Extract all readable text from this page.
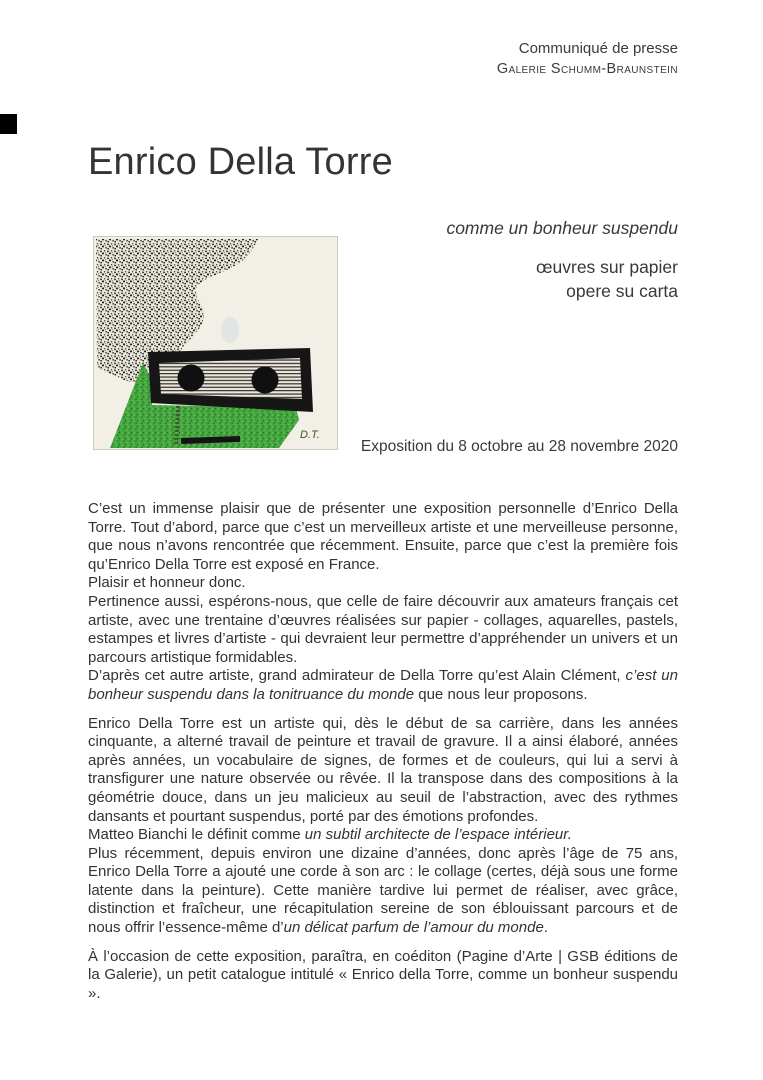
Communiqué de presse
Galerie Schumm-Braunstein
Enrico Della Torre
D.T.
comme un bonheur suspendu
œuvres sur papier
opere su carta
Exposition du 8 octobre au 28 novembre 2020

C’est un immense plaisir que de présenter une exposition personnelle d’Enrico Della Torre. Tout d’abord, parce que c’est un merveilleux artiste et une merveilleuse personne, que nous n’avons rencontrée que récemment. Ensuite, parce que c’est la première fois qu’Enrico Della Torre est exposé en France.

Plaisir et honneur donc.

Pertinence aussi, espérons-nous, que celle de faire découvrir aux amateurs français cet artiste, avec une trentaine d’œuvres réalisées sur papier - collages, aquarelles, pastels, estampes et livres d’artiste - qui devraient leur permettre d’appréhender un univers et un parcours artistique formidables.

D’après cet autre artiste, grand admirateur de Della Torre qu’est Alain Clément, c’est un bonheur suspendu dans la tonitruance du monde que nous leur proposons.

Enrico Della Torre est un artiste qui, dès le début de sa carrière, dans les années cinquante, a alterné travail de peinture et travail de gravure. Il a ainsi élaboré, années après années, un vocabulaire de signes, de formes et de couleurs, qui lui a servi à transfigurer une nature observée ou rêvée. Il la transpose dans des compositions à la géométrie douce, dans un jeu malicieux au seuil de l’abstraction, avec des rythmes dansants et pourtant suspendus, porté par des émotions profondes.

Matteo Bianchi le définit comme un subtil architecte de l’espace intérieur.

Plus récemment, depuis environ une dizaine d’années, donc après l’âge de 75 ans, Enrico Della Torre a ajouté une corde à son arc : le collage (certes, déjà sous une forme latente dans la peinture). Cette manière tardive lui permet de réaliser, avec grâce, distinction et fraîcheur, une récapitulation sereine de son éblouissant parcours et de nous offrir l’essence-même d’un délicat parfum de l’amour du monde.

À l’occasion de cette exposition, paraîtra, en coéditon (Pagine d’Arte | GSB éditions de la Galerie), un petit catalogue intitulé « Enrico della Torre, comme un bonheur suspendu ».
